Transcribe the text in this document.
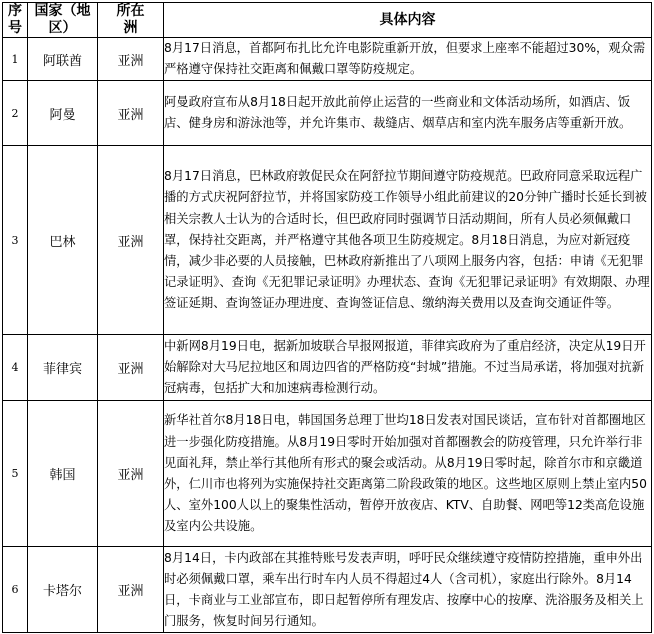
序号	国家（地区）	所在洲	具体内容
1	阿联酋	亚洲	8月17日消息，首都阿布扎比允许电影院重新开放，但要求上座率不能超过30%，观众需严格遵守保持社交距离和佩戴口罩等防疫规定。
2	阿曼	亚洲	阿曼政府宣布从8月18日起开放此前停止运营的一些商业和文体活动场所，如酒店、饭店、健身房和游泳池等，并允许集市、裁缝店、烟草店和室内洗车服务店等重新开放。
3	巴林	亚洲	8月17日消息，巴林政府敦促民众在阿舒拉节期间遵守防疫规范。巴政府同意采取远程广播的方式庆祝阿舒拉节，并将国家防疫工作领导小组此前建议的20分钟广播时长延长到被相关宗教人士认为的合适时长，但巴政府同时强调节日活动期间，所有人员必须佩戴口罩，保持社交距离，并严格遵守其他各项卫生防疫规定。8月18日消息，为应对新冠疫情，减少非必要的人员接触，巴林政府新推出了八项网上服务内容，包括：申请《无犯罪记录证明》、查询《无犯罪记录证明》办理状态、查询《无犯罪记录证明》有效期限、办理签证延期、查询签证办理进度、查询签证信息、缴纳海关费用以及查询交通证件等。
4	菲律宾	亚洲	中新网8月19日电，据新加坡联合早报网报道，菲律宾政府为了重启经济，决定从19日开始解除对大马尼拉地区和周边四省的严格防疫“封城”措施。不过当局承诺，将加强对抗新冠病毒，包括扩大和加速病毒检测行动。
5	韩国	亚洲	新华社首尔8月18日电，韩国国务总理丁世均18日发表对国民谈话，宣布针对首都圈地区进一步强化防疫措施。从8月19日零时开始加强对首都圈教会的防疫管理，只允许举行非见面礼拜，禁止举行其他所有形式的聚会或活动。从8月19日零时起，除首尔市和京畿道外，仁川市也将列为实施保持社交距离第二阶段政策的地区。这些地区原则上禁止室内50人、室外100人以上的聚集性活动，暂停开放夜店、KTV、自助餐、网吧等12类高危设施及室内公共设施。
6	卡塔尔	亚洲	8月14日，卡内政部在其推特账号发表声明，呼吁民众继续遵守疫情防控措施，重申外出时必须佩戴口罩，乘车出行时车内人员不得超过4人（含司机），家庭出行除外。8月14日，卡商业与工业部宣布，即日起暂停所有理发店、按摩中心的按摩、洗浴服务及相关上门服务，恢复时间另行通知。
